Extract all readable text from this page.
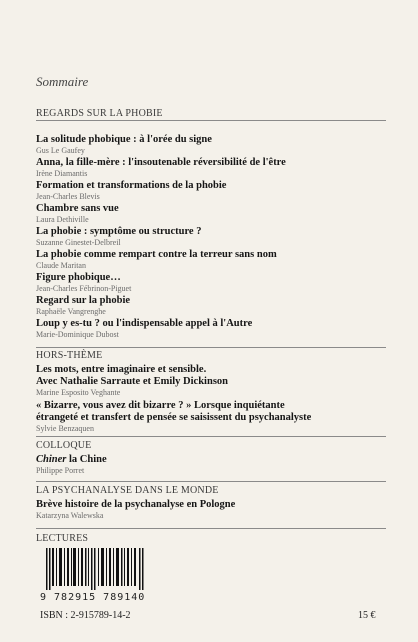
Sommaire
REGARDS SUR LA PHOBIE
La solitude phobique : à l'orée du signe
Gus Le Gaufey
Anna, la fille-mère : l'insoutenable réversibilité de l'être
Irène Diamantis
Formation et transformations de la phobie
Jean-Charles Blevis
Chambre sans vue
Laura Dethiville
La phobie : symptôme ou structure ?
Suzanne Ginestet-Delbreil
La phobie comme rempart contre la terreur sans nom
Claude Maritan
Figure phobique…
Jean-Charles Fébrinon-Piguet
Regard sur la phobie
Raphaële Vangrenghe
Loup y es-tu ? ou l'indispensable appel à l'Autre
Marie-Dominique Dubost
HORS-THÈME
Les mots, entre imaginaire et sensible.
Avec Nathalie Sarraute et Emily Dickinson
Marine Esposito Veghante
« Bizarre, vous avez dit bizarre ? » Lorsque inquiétante
étrangeté et transfert de pensée se saisissent du psychanalyste
Sylvie Benzaquen
COLLOQUE
Chiner la Chine
Philippe Porret
LA PSYCHANALYSE DANS LE MONDE
Brève histoire de la psychanalyse en Pologne
Katarzyna Walewska
LECTURES
9 782915 789140
ISBN : 2-915789-14-2	15 €
